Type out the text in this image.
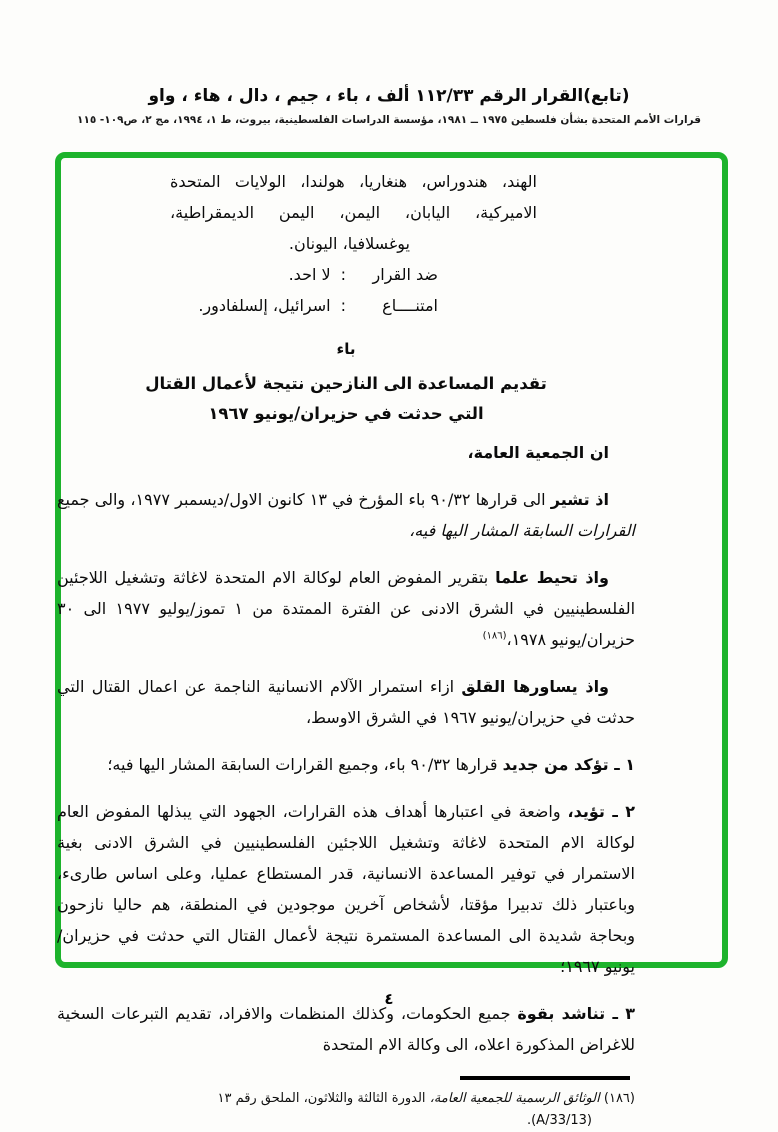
(تابع)القرار الرقم ١١٢/٣٣ ألف ، باء ، جيم ، دال ، هاء ، واو
قرارات الأمم المتحدة بشأن فلسطين ١٩٧٥ ــ ١٩٨١، مؤسسة الدراسات الفلسطينية، بيروت، ط ١، ١٩٩٤، مج ٢، ص١٠٩- ١١٥
الهند، هندوراس، هنغاريا، هولندا، الولايات المتحدة الاميركية، اليابان، اليمن، اليمن الديمقراطية،
يوغسلافيا، اليونان.
ضد القرار:لا احد.
امتنــــاع:اسرائيل، إلسلفادور.
باء
تقديم المساعدة الى النازحين نتيجة لأعمال القتال
التي حدثت في حزيران/يونيو ١٩٦٧
ان الجمعية العامة،

اذ تشير الى قرارها ٩٠/٣٢ باء المؤرخ في ١٣ كانون الاول/ديسمبر ١٩٧٧، والى جميع القرارات السابقة المشار اليها فيه،

واذ تحيط علما بتقرير المفوض العام لوكالة الام المتحدة لاغاثة وتشغيل اللاجئين الفلسطينيين في الشرق الادنى عن الفترة الممتدة من ١ تموز/يوليو ١٩٧٧ الى ٣٠ حزيران/يونيو ١٩٧٨،$^{(١٨٦)}$

واذ يساورها القلق ازاء استمرار الآلام الانسانية الناجمة عن اعمال القتال التي حدثت في حزيران/يونيو ١٩٦٧ في الشرق الاوسط،

١ ـ تؤكد من جديد قرارها ٩٠/٣٢ باء، وجميع القرارات السابقة المشار اليها فيه؛

٢ ـ تؤيد، واضعة في اعتبارها أهداف هذه القرارات، الجهود التي يبذلها المفوض العام لوكالة الام المتحدة لاغاثة وتشغيل اللاجئين الفلسطينيين في الشرق الادنى بغية الاستمرار في توفير المساعدة الانسانية، قدر المستطاع عمليا، وعلى اساس طارىء، وباعتبار ذلك تدبيرا مؤقتا، لأشخاص آخرين موجودين في المنطقة، هم حاليا نازحون وبحاجة شديدة الى المساعدة المستمرة نتيجة لأعمال القتال التي حدثت في حزيران/يونيو ١٩٦٧؛

٣ ـ تناشد بقوة جميع الحكومات، وكذلك المنظمات والافراد، تقديم التبرعات السخية للاغراض المذكورة اعلاه، الى وكالة الام المتحدة

(١٨٦) الوثائق الرسمية للجمعية العامة، الدورة الثالثة والثلاثون، الملحق رقم ١٣
(A/33/13).
٤
